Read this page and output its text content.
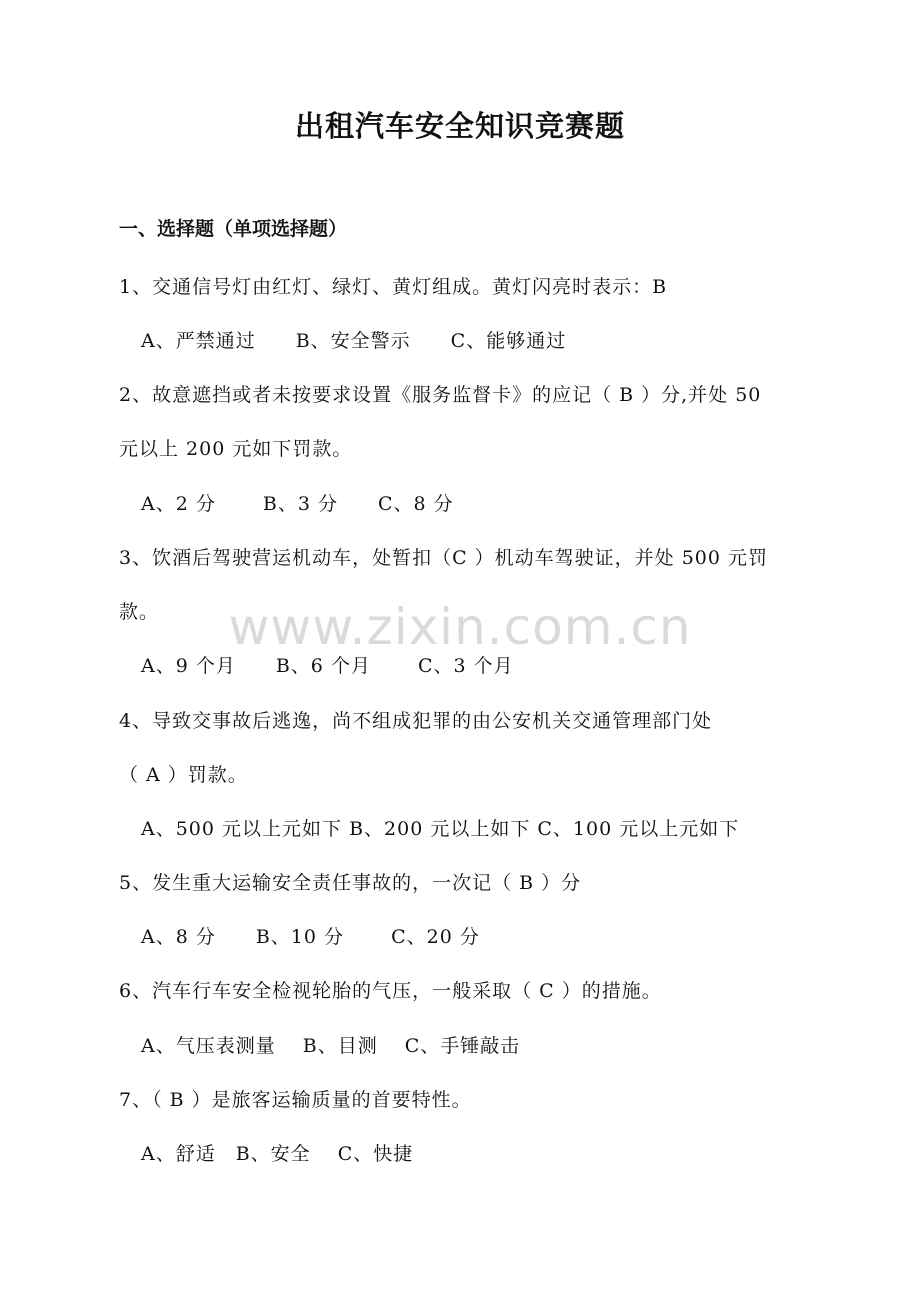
出租汽车安全知识竞赛题
一、选择题（单项选择题）
www.zixin.com.cn
1、交通信号灯由红灯、绿灯、黄灯组成。黄灯闪亮时表示：B
A、严禁通过　　B、安全警示　　C、能够通过
2、故意遮挡或者未按要求设置《服务监督卡》的应记（ B ）分,并处 50
元以上 200 元如下罚款。
A、2 分　　 B、3 分　　C、8 分
3、饮酒后驾驶营运机动车，处暂扣（C ）机动车驾驶证，并处 500 元罚
款。
A、9 个月　　B、6 个月　　 C、3 个月
4、导致交事故后逃逸，尚不组成犯罪的由公安机关交通管理部门处
（ A ）罚款。
A、500 元以上元如下 B、200 元以上如下 C、100 元以上元如下
5、发生重大运输安全责任事故的，一次记（ B ）分
A、8 分　　B、10 分　　 C、20 分
6、汽车行车安全检视轮胎的气压，一般采取（ C ）的措施。
A、气压表测量　 B、目测　 C、手锤敲击
7、（ B ）是旅客运输质量的首要特性。
A、舒适　B、安全　 C、快捷
